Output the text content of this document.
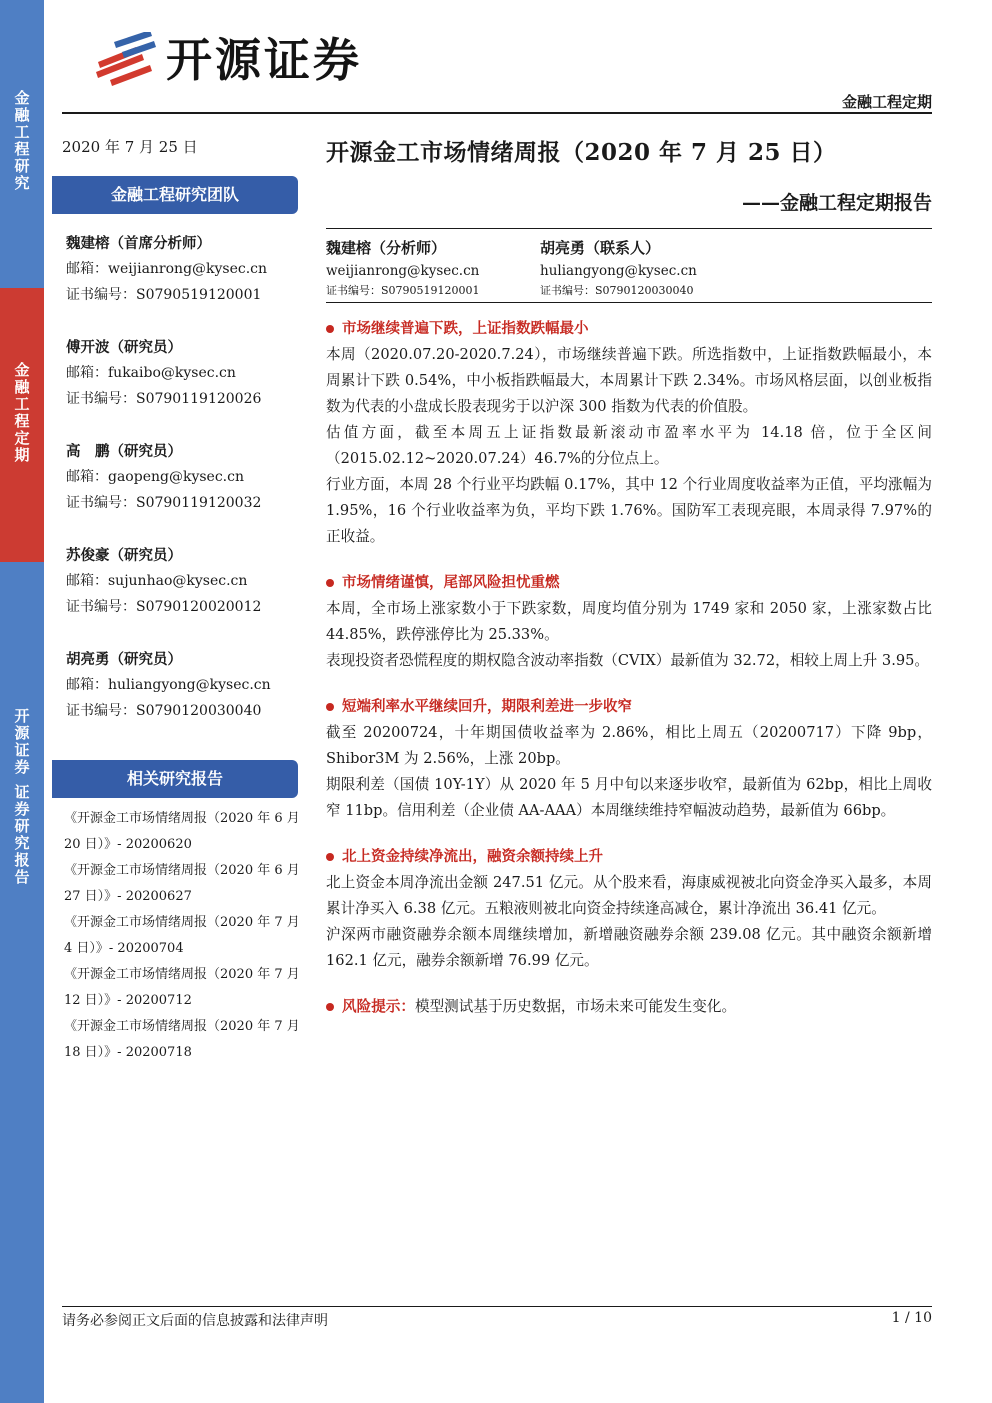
金
融
工
程
研
究
金
融
工
程
定
期
开
源
证
券
证
券
研
究
报
告
开源证券
金融工程定期
2020 年 7 月 25 日
金融工程研究团队
魏建榕（首席分析师）
邮箱：weijianrong@kysec.cn
证书编号：S0790519120001
傅开波（研究员）
邮箱：fukaibo@kysec.cn
证书编号：S0790119120026
高　鹏（研究员）
邮箱：gaopeng@kysec.cn
证书编号：S0790119120032
苏俊豪（研究员）
邮箱：sujunhao@kysec.cn
证书编号：S0790120020012
胡亮勇（研究员）
邮箱：huliangyong@kysec.cn
证书编号：S0790120030040
相关研究报告
《开源金工市场情绪周报（2020 年 6 月
20 日）》- 20200620
《开源金工市场情绪周报（2020 年 6 月
27 日）》- 20200627
《开源金工市场情绪周报（2020 年 7 月
4 日）》- 20200704
《开源金工市场情绪周报（2020 年 7 月
12 日）》- 20200712
《开源金工市场情绪周报（2020 年 7 月
18 日）》- 20200718
开源金工市场情绪周报（2020 年 7 月 25 日）
——金融工程定期报告
魏建榕（分析师）
weijianrong@kysec.cn
证书编号：S0790519120001
胡亮勇（联系人）
huliangyong@kysec.cn
证书编号：S0790120030040
市场继续普遍下跌，上证指数跌幅最小

本周（2020.07.20-2020.7.24），市场继续普遍下跌。所选指数中，上证指数跌幅最小，本周累计下跌 0.54%，中小板指跌幅最大，本周累计下跌 2.34%。市场风格层面，以创业板指数为代表的小盘成长股表现劣于以沪深 300 指数为代表的价值股。

估值方面，截至本周五上证指数最新滚动市盈率水平为 14.18 倍，位于全区间（2015.02.12~2020.07.24）46.7%的分位点上。

行业方面，本周 28 个行业平均跌幅 0.17%，其中 12 个行业周度收益率为正值，平均涨幅为 1.95%，16 个行业收益率为负，平均下跌 1.76%。国防军工表现亮眼，本周录得 7.97%的正收益。

市场情绪谨慎，尾部风险担忧重燃

本周，全市场上涨家数小于下跌家数，周度均值分别为 1749 家和 2050 家，上涨家数占比 44.85%，跌停涨停比为 25.33%。

表现投资者恐慌程度的期权隐含波动率指数（CVIX）最新值为 32.72，相较上周上升 3.95。

短端利率水平继续回升，期限利差进一步收窄

截至 20200724，十年期国债收益率为 2.86%，相比上周五（20200717）下降 9bp，Shibor3M 为 2.56%，上涨 20bp。

期限利差（国债 10Y-1Y）从 2020 年 5 月中旬以来逐步收窄，最新值为 62bp，相比上周收窄 11bp。信用利差（企业债 AA-AAA）本周继续维持窄幅波动趋势，最新值为 66bp。

北上资金持续净流出，融资余额持续上升

北上资金本周净流出金额 247.51 亿元。从个股来看，海康威视被北向资金净买入最多，本周累计净买入 6.38 亿元。五粮液则被北向资金持续逢高减仓，累计净流出 36.41 亿元。

沪深两市融资融券余额本周继续增加，新增融资融券余额 239.08 亿元。其中融资余额新增 162.1 亿元，融券余额新增 76.99 亿元。

风险提示： 模型测试基于历史数据，市场未来可能发生变化。
请务必参阅正文后面的信息披露和法律声明	1 / 10
